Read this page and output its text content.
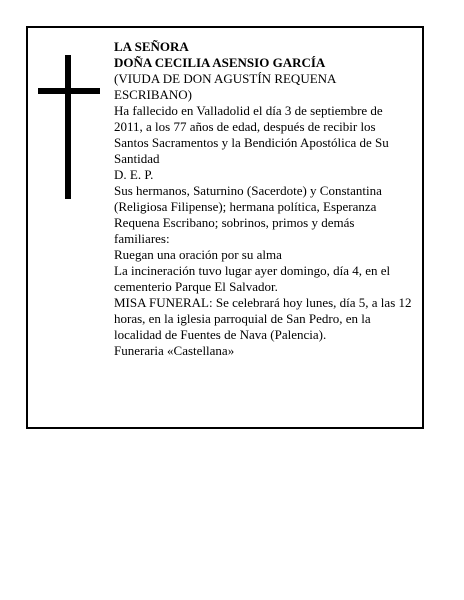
LA SEÑORA

DOÑA CECILIA ASENSIO GARCÍA

(VIUDA DE DON AGUSTÍN REQUENA ESCRIBANO)

Ha fallecido en Valladolid el día 3 de septiembre de 2011, a los 77 años de edad, después de recibir los Santos Sacramentos y la Bendición Apostólica de Su Santidad

D. E. P.

Sus hermanos, Saturnino (Sacerdote) y Constantina (Religiosa Filipense); hermana política, Esperanza Requena Escribano; sobrinos, primos y demás familiares:

Ruegan una oración por su alma

La incineración tuvo lugar ayer domingo, día 4, en el cementerio Parque El Salvador.

MISA FUNERAL: Se celebrará hoy lunes, día 5, a las 12 horas, en la iglesia parroquial de San Pedro, en la localidad de Fuentes de Nava (Palencia).

Funeraria «Castellana»
